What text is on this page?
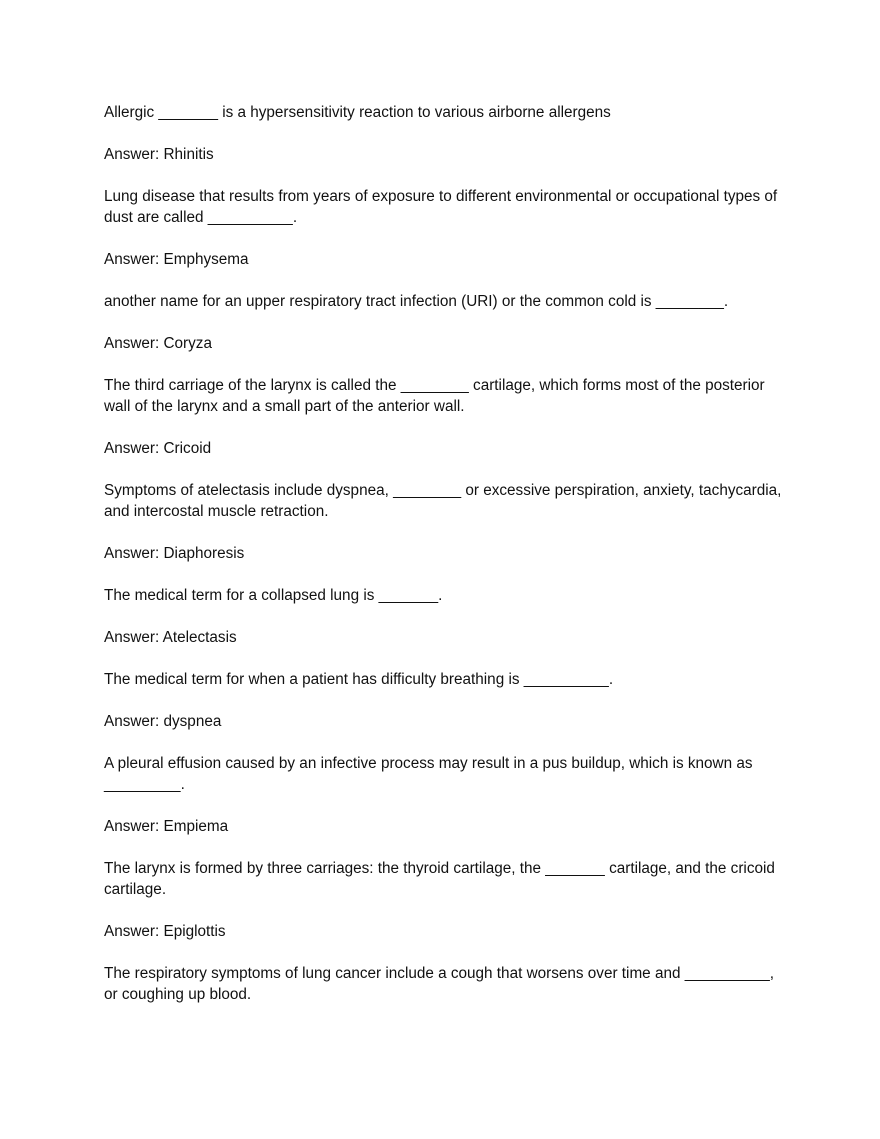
Allergic _______ is a hypersensitivity reaction to various airborne allergens

Answer: Rhinitis

Lung disease that results from years of exposure to different environmental or occupational types of dust are called __________.

Answer: Emphysema

another name for an upper respiratory tract infection (URI) or the common cold is ________.

Answer: Coryza

The third carriage of the larynx is called the ________ cartilage, which forms most of the posterior wall of the larynx and a small part of the anterior wall.

Answer: Cricoid

Symptoms of atelectasis include dyspnea, ________ or excessive perspiration, anxiety, tachycardia, and intercostal muscle retraction.

Answer: Diaphoresis

The medical term for a collapsed lung is _______.

Answer: Atelectasis

The medical term for when a patient has difficulty breathing is __________.

Answer: dyspnea

A pleural effusion caused by an infective process may result in a pus buildup, which is known as _________.

Answer: Empiema

The larynx is formed by three carriages: the thyroid cartilage, the _______ cartilage, and the cricoid cartilage.

Answer: Epiglottis

The respiratory symptoms of lung cancer include a cough that worsens over time and __________, or coughing up blood.
